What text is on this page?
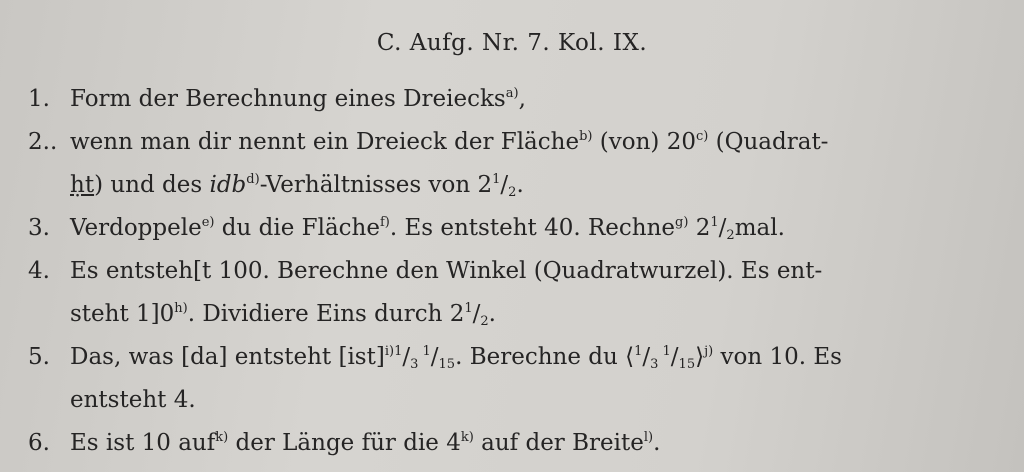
C. Aufg. Nr. 7. Kol. IX.
1. Form der Berechnung eines Dreiecks$^{a)}$,
2.. wenn man dir nennt ein Dreieck der Fläche$^{b)}$ (von) 20$^{c)}$ (Quadrat-
ḥt) und des idb$^{d)}$-Verhältnisses von $2^1/_2$.
3. Verdoppele$^{e)}$ du die Fläche$^{f)}$. Es entsteht 40. Rechne$^{g)}$ $2^1/_2mal$.
4. Es entsteh[t 100. Berechne den Winkel (Quadratwurzel). Es ent-
steht 1]0$^{h)}$. Dividiere Eins durch $2^1/_2$.
5. Das, was [da] entsteht $[ist]^{i)1}/_3$ $^1/_{15}$. Berechne du $⟨^1/_3$ $^1/_{15}⟩^{j)}$ von 10. Es
entsteht 4.
6. Es ist 10 auf$^{k)}$ der Länge für die 4$^{k)}$ auf der Breite$^{l)}$.
